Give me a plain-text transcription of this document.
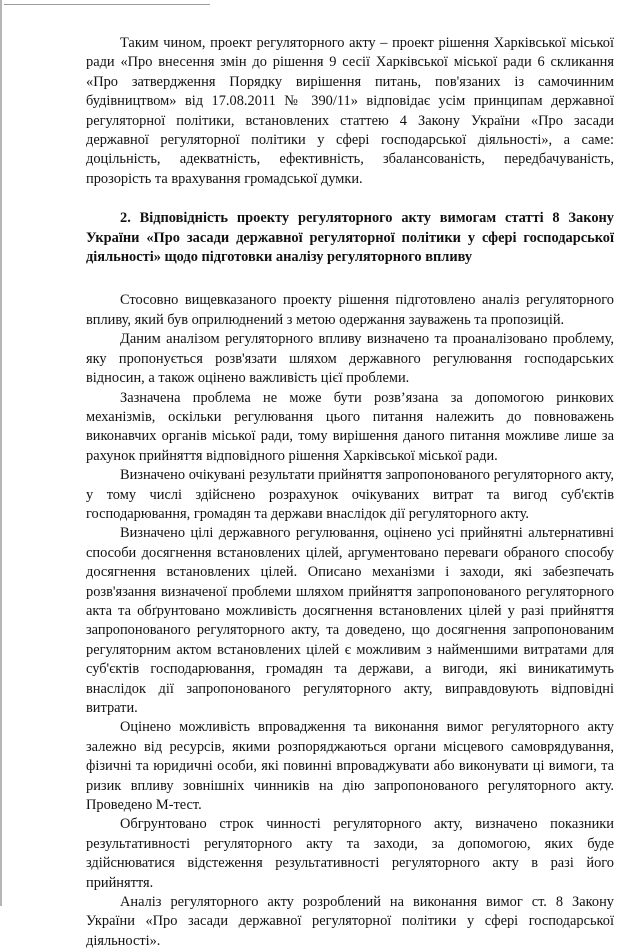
Таким чином, проект регуляторного акту – проект рішення Харківської міської ради «Про внесення змін до рішення 9 сесії Харківської міської ради 6 скликання «Про затвердження Порядку вирішення питань, пов'язаних із самочинним будівництвом» від 17.08.2011 № 390/11» відповідає усім принципам державної регуляторної політики, встановлених статтею 4 Закону України «Про засади державної регуляторної політики у сфері господарської діяльності», а саме: доцільність, адекватність, ефективність, збалансованість, передбачуваність, прозорість та врахування громадської думки.

2. Відповідність проекту регуляторного акту вимогам статті 8 Закону України «Про засади державної регуляторної політики у сфері господарської діяльності» щодо підготовки аналізу регуляторного впливу

Стосовно вищевказаного проекту рішення підготовлено аналіз регуляторного впливу, який був оприлюднений з метою одержання зауважень та пропозицій.

Даним аналізом регуляторного впливу визначено та проаналізовано проблему, яку пропонується розв'язати шляхом державного регулювання господарських відносин, а також оцінено важливість цієї проблеми.

Зазначена проблема не може бути розв’язана за допомогою ринкових механізмів, оскільки регулювання цього питання належить до повноважень виконавчих органів міської ради, тому вирішення даного питання можливе лише за рахунок прийняття відповідного рішення Харківської міської ради.

Визначено очікувані результати прийняття запропонованого регуляторного акту, у тому числі здійснено розрахунок очікуваних витрат та вигод суб'єктів господарювання, громадян та держави внаслідок дії регуляторного акту.

Визначено цілі державного регулювання, оцінено усі прийнятні альтернативні способи досягнення встановлених цілей, аргументовано переваги обраного способу досягнення встановлених цілей. Описано механізми і заходи, які забезпечать розв'язання визначеної проблеми шляхом прийняття запропонованого регуляторного акта та обґрунтовано можливість досягнення встановлених цілей у разі прийняття запропонованого регуляторного акту, та доведено, що досягнення запропонованим регуляторним актом встановлених цілей є можливим з найменшими витратами для суб'єктів господарювання, громадян та держави, а вигоди, які виникатимуть внаслідок дії запропонованого регуляторного акту, виправдовують відповідні витрати.

Оцінено можливість впровадження та виконання вимог регуляторного акту залежно від ресурсів, якими розпоряджаються органи місцевого самоврядування, фізичні та юридичні особи, які повинні впроваджувати або виконувати ці вимоги, та ризик впливу зовнішніх чинників на дію запропонованого регуляторного акту. Проведено М-тест.

Обгрунтовано строк чинності регуляторного акту, визначено показники результативності регуляторного акту та заходи, за допомогою, яких буде здійснюватися відстеження результативності регуляторного акту в разі його прийняття.

Аналіз регуляторного акту розроблений на виконання вимог ст. 8 Закону України «Про засади державної регуляторної політики у сфері господарської діяльності».
